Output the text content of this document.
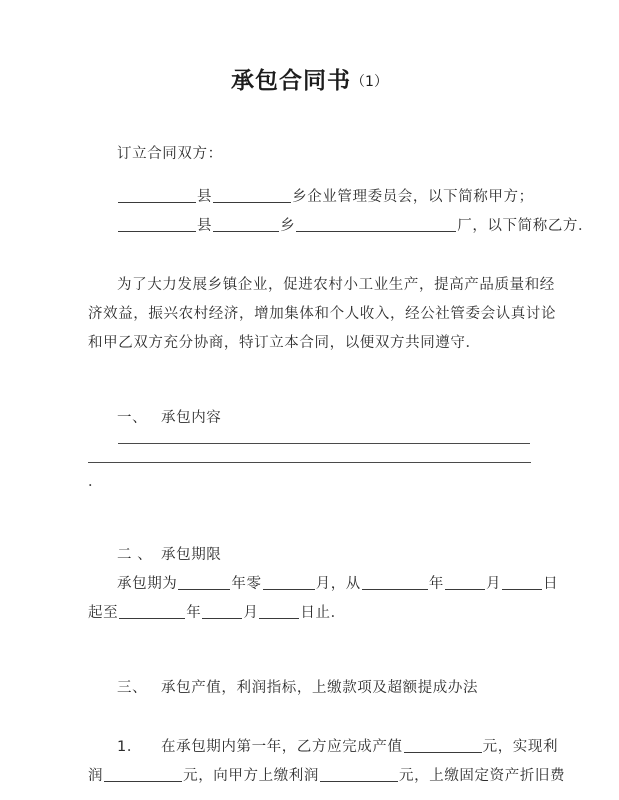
承包合同书（1）

订立合同双方：

县	乡企业管理委员会，以下简称甲方；

县	乡	厂，以下简称乙方．

为了大力发展乡镇企业，促进农村小工业生产，提高产品质量和经

济效益，振兴农村经济，增加集体和个人收入，经公社管委会认真讨论

和甲乙双方充分协商，特订立本合同，以便双方共同遵守．

一、 承包内容
．
二 、 承包期限

承包期为	年零	月，从	年	月	日

起至	年	月	日止．

三、 承包产值，利润指标，上缴款项及超额提成办法

1． 在承包期内第一年，乙方应完成产值	元，实现利

润	元，向甲方上缴利润	元，上缴固定资产折旧费
